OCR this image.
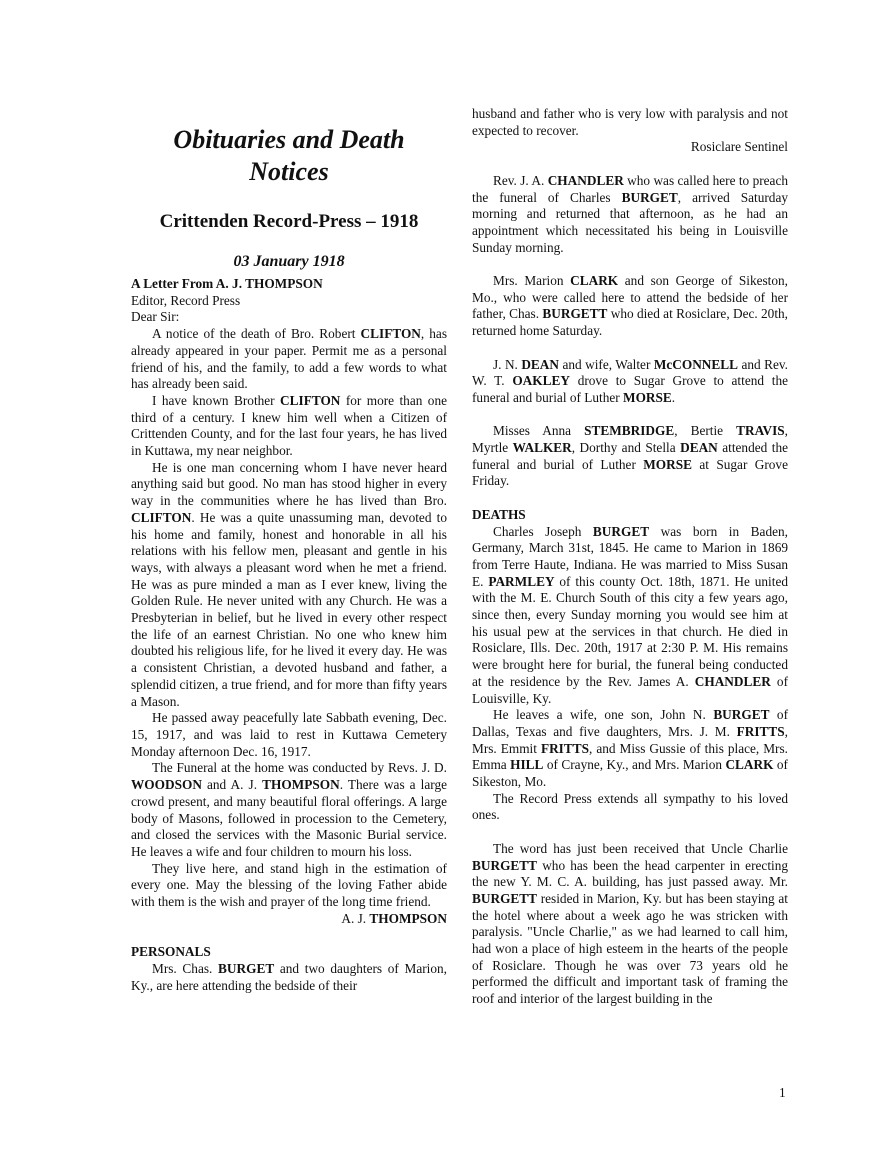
Obituaries and Death Notices
Crittenden Record-Press – 1918
03 January 1918

A Letter From A. J. THOMPSON

Editor, Record Press

Dear Sir:

A notice of the death of Bro. Robert CLIFTON, has already appeared in your paper. Permit me as a personal friend of his, and the family, to add a few words to what has already been said.

I have known Brother CLIFTON for more than one third of a century. I knew him well when a Citizen of Crittenden County, and for the last four years, he has lived in Kuttawa, my near neighbor.

He is one man concerning whom I have never heard anything said but good. No man has stood higher in every way in the communities where he has lived than Bro. CLIFTON. He was a quite unassuming man, devoted to his home and family, honest and honorable in all his relations with his fellow men, pleasant and gentle in his ways, with always a pleasant word when he met a friend. He was as pure minded a man as I ever knew, living the Golden Rule. He never united with any Church. He was a Presbyterian in belief, but he lived in every other respect the life of an earnest Christian. No one who knew him doubted his religious life, for he lived it every day. He was a consistent Christian, a devoted husband and father, a splendid citizen, a true friend, and for more than fifty years a Mason.

He passed away peacefully late Sabbath evening, Dec. 15, 1917, and was laid to rest in Kuttawa Cemetery Monday afternoon Dec. 16, 1917.

The Funeral at the home was conducted by Revs. J. D. WOODSON and A. J. THOMPSON. There was a large crowd present, and many beautiful floral offerings. A large body of Masons, followed in procession to the Cemetery, and closed the services with the Masonic Burial service. He leaves a wife and four children to mourn his loss.

They live here, and stand high in the estimation of every one. May the blessing of the loving Father abide with them is the wish and prayer of the long time friend.

A. J. THOMPSON

PERSONALS

Mrs. Chas. BURGET and two daughters of Marion, Ky., are here attending the bedside of their

husband and father who is very low with paralysis and not expected to recover.

Rosiclare Sentinel

Rev. J. A. CHANDLER who was called here to preach the funeral of Charles BURGET, arrived Saturday morning and returned that afternoon, as he had an appointment which necessitated his being in Louisville Sunday morning.

Mrs. Marion CLARK and son George of Sikeston, Mo., who were called here to attend the bedside of her father, Chas. BURGETT who died at Rosiclare, Dec. 20th, returned home Saturday.

J. N. DEAN and wife, Walter McCONNELL and Rev. W. T. OAKLEY drove to Sugar Grove to attend the funeral and burial of Luther MORSE.

Misses Anna STEMBRIDGE, Bertie TRAVIS, Myrtle WALKER, Dorthy and Stella DEAN attended the funeral and burial of Luther MORSE at Sugar Grove Friday.

DEATHS

Charles Joseph BURGET was born in Baden, Germany, March 31st, 1845. He came to Marion in 1869 from Terre Haute, Indiana. He was married to Miss Susan E. PARMLEY of this county Oct. 18th, 1871. He united with the M. E. Church South of this city a few years ago, since then, every Sunday morning you would see him at his usual pew at the services in that church. He died in Rosiclare, Ills. Dec. 20th, 1917 at 2:30 P. M. His remains were brought here for burial, the funeral being conducted at the residence by the Rev. James A. CHANDLER of Louisville, Ky.

He leaves a wife, one son, John N. BURGET of Dallas, Texas and five daughters, Mrs. J. M. FRITTS, Mrs. Emmit FRITTS, and Miss Gussie of this place, Mrs. Emma HILL of Crayne, Ky., and Mrs. Marion CLARK of Sikeston, Mo.

The Record Press extends all sympathy to his loved ones.

The word has just been received that Uncle Charlie BURGETT who has been the head carpenter in erecting the new Y. M. C. A. building, has just passed away. Mr. BURGETT resided in Marion, Ky. but has been staying at the hotel where about a week ago he was stricken with paralysis. "Uncle Charlie," as we had learned to call him, had won a place of high esteem in the hearts of the people of Rosiclare. Though he was over 73 years old he performed the difficult and important task of framing the roof and interior of the largest building in the

1
